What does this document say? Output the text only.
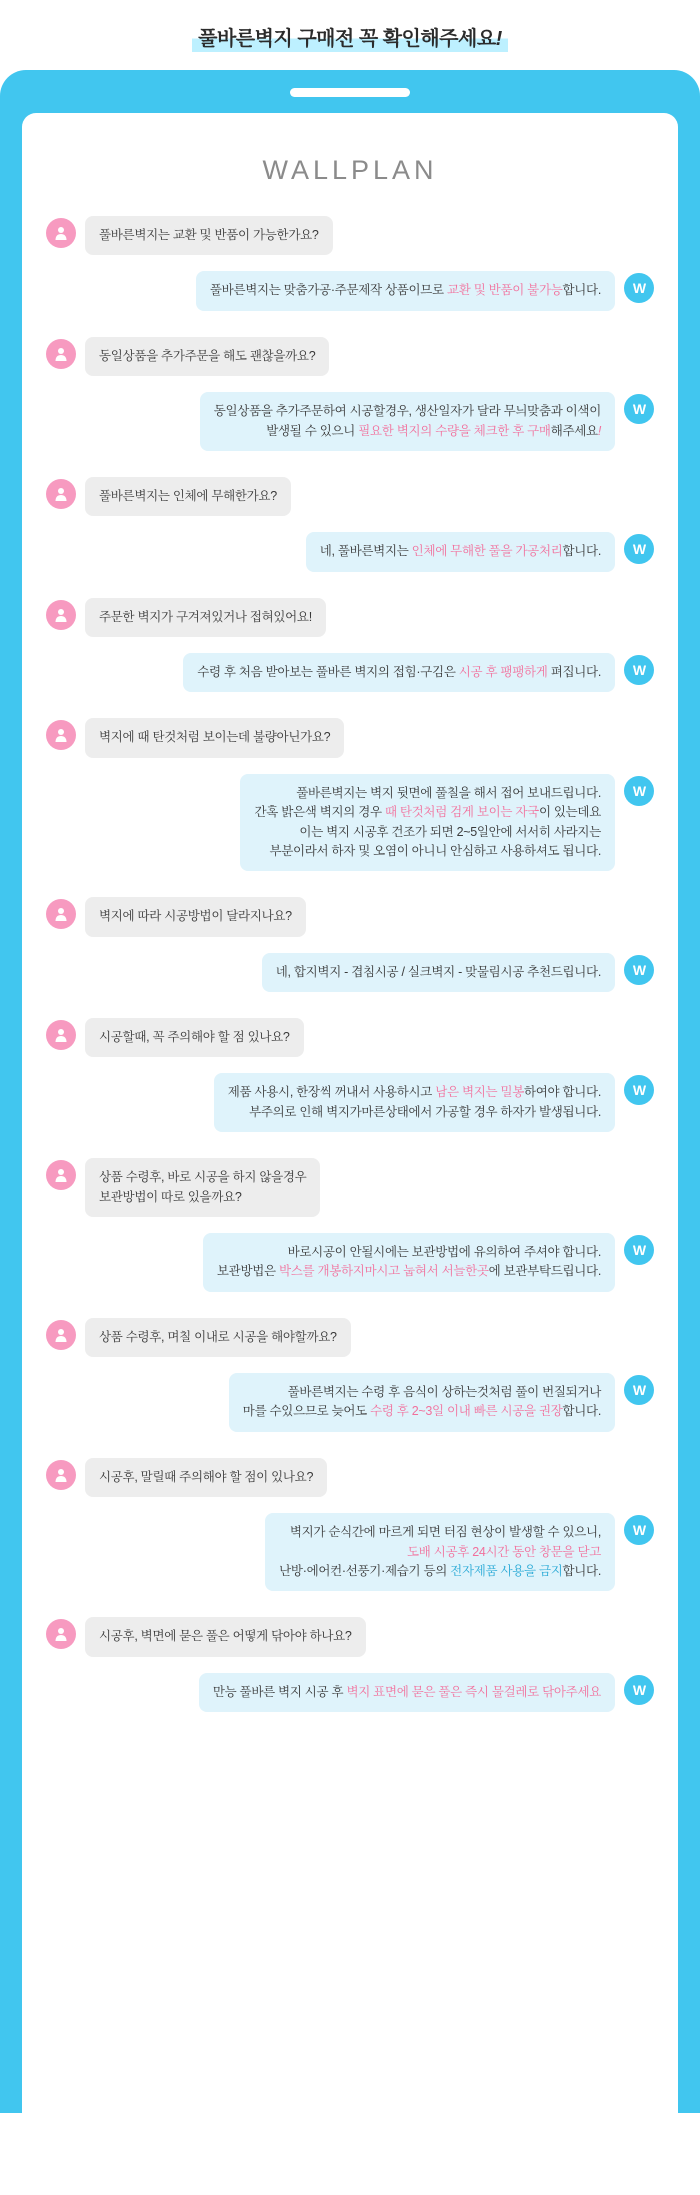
풀바른벽지 구매전 꼭 확인해주세요!
WALLPLAN
풀바른벽지는 교환 및 반품이 가능한가요?
풀바른벽지는 맞춤가공·주문제작 상품이므로 교환 및 반품이 불가능합니다.	W
동일상품을 추가주문을 해도 괜찮을까요?
동일상품을 추가주문하여 시공할경우, 생산일자가 달라 무늬맞춤과 이색이
발생될 수 있으니 필요한 벽지의 수량을 체크한 후 구매해주세요!
W
풀바른벽지는 인체에 무해한가요?
네, 풀바른벽지는 인체에 무해한 풀을 가공처리합니다.	W
주문한 벽지가 구겨져있거나 접혀있어요!
수령 후 처음 받아보는 풀바른 벽지의 접힘·구김은 시공 후 팽팽하게 펴집니다.	W
벽지에 때 탄것처럼 보이는데 불량아닌가요?
풀바른벽지는 벽지 뒷면에 풀칠을 해서 접어 보내드립니다.
간혹 밝은색 벽지의 경우 때 탄것처럼 검게 보이는 자국이 있는데요
이는 벽지 시공후 건조가 되면 2~5일안에 서서히 사라지는
부분이라서 하자 및 오염이 아니니 안심하고 사용하셔도 됩니다.
W
벽지에 따라 시공방법이 달라지나요?
네, 합지벽지 - 겹침시공 / 실크벽지 - 맞물림시공 추천드립니다.	W
시공할때, 꼭 주의해야 할 점 있나요?
제품 사용시, 한장씩 꺼내서 사용하시고 남은 벽지는 밀봉하여야 합니다.
부주의로 인해 벽지가마른상태에서 가공할 경우 하자가 발생됩니다.
W
상품 수령후, 바로 시공을 하지 않을경우
보관방법이 따로 있을까요?
바로시공이 안될시에는 보관방법에 유의하여 주셔야 합니다.
보관방법은 박스를 개봉하지마시고 눕혀서 서늘한곳에 보관부탁드립니다.
W
상품 수령후, 며칠 이내로 시공을 해야할까요?
풀바른벽지는 수령 후 음식이 상하는것처럼 풀이 번질되거나
마를 수있으므로 늦어도 수령 후 2~3일 이내 빠른 시공을 권장합니다.
W
시공후, 말릴때 주의해야 할 점이 있나요?
벽지가 순식간에 마르게 되면 터짐 현상이 발생할 수 있으니,
도배 시공후 24시간 동안 창문을 닫고
난방·에어컨·선풍기·제습기 등의 전자제품 사용을 금지합니다.
W
시공후, 벽면에 묻은 풀은 어떻게 닦아야 하나요?
만능 풀바른 벽지 시공 후 벽지 표면에 묻은 풀은 즉시 물걸레로 닦아주세요	W
